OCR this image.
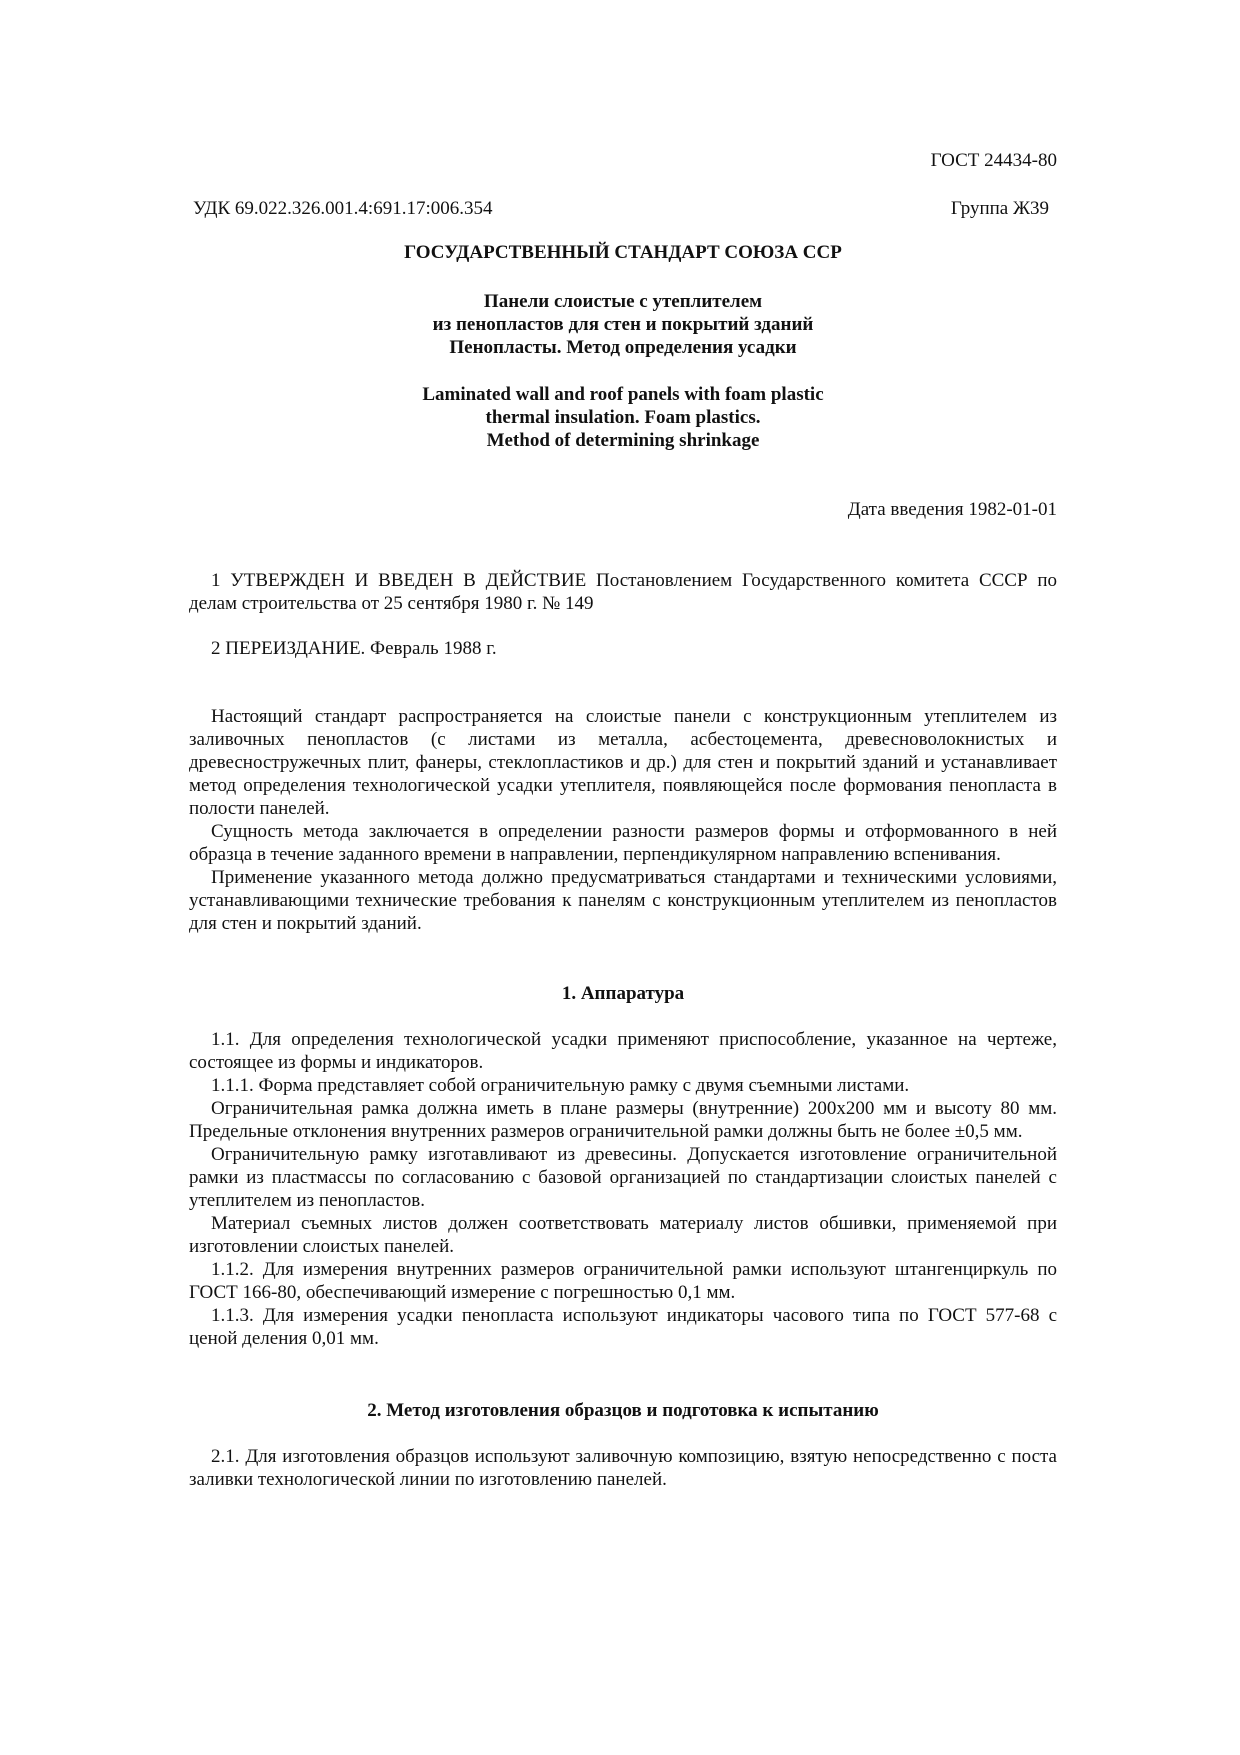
ГОСТ 24434-80
УДК 69.022.326.001.4:691.17:006.354	Группа Ж39
ГОСУДАРСТВЕННЫЙ СТАНДАРТ СОЮЗА ССР
Панели слоистые с утеплителем
из пенопластов для стен и покрытий зданий
Пенопласты. Метод определения усадки
Laminated wall and roof panels with foam plastic
thermal insulation. Foam plastics.
Method of determining shrinkage
Дата введения 1982-01-01

1 УТВЕРЖДЕН И ВВЕДЕН В ДЕЙСТВИЕ Постановлением Государственного комитета СССР по делам строительства от 25 сентября 1980 г. № 149

2 ПЕРЕИЗДАНИЕ. Февраль 1988 г.

Настоящий стандарт распространяется на слоистые панели с конструкционным утеплителем из заливочных пенопластов (с листами из металла, асбестоцемента, древесноволокнистых и древесностружечных плит, фанеры, стеклопластиков и др.) для стен и покрытий зданий и устанавливает метод определения технологической усадки утеплителя, появляющейся после формования пенопласта в полости панелей.

Сущность метода заключается в определении разности размеров формы и отформованного в ней образца в течение заданного времени в направлении, перпендикулярном направлению вспенивания.

Применение указанного метода должно предусматриваться стандартами и техническими условиями, устанавливающими технические требования к панелям с конструкционным утеплителем из пенопластов для стен и покрытий зданий.

1. Аппаратура

1.1. Для определения технологической усадки применяют приспособление, указанное на чертеже, состоящее из формы и индикаторов.

1.1.1. Форма представляет собой ограничительную рамку с двумя съемными листами.

Ограничительная рамка должна иметь в плане размеры (внутренние) 200х200 мм и высоту 80 мм. Предельные отклонения внутренних размеров ограничительной рамки должны быть не более ±0,5 мм.

Ограничительную рамку изготавливают из древесины. Допускается изготовление ограничительной рамки из пластмассы по согласованию с базовой организацией по стандартизации слоистых панелей с утеплителем из пенопластов.

Материал съемных листов должен соответствовать материалу листов обшивки, применяемой при изготовлении слоистых панелей.

1.1.2. Для измерения внутренних размеров ограничительной рамки используют штангенциркуль по ГОСТ 166-80, обеспечивающий измерение с погрешностью 0,1 мм.

1.1.3. Для измерения усадки пенопласта используют индикаторы часового типа по ГОСТ 577-68 с ценой деления 0,01 мм.

2. Метод изготовления образцов и подготовка к испытанию

2.1. Для изготовления образцов используют заливочную композицию, взятую непосредственно с поста заливки технологической линии по изготовлению панелей.
